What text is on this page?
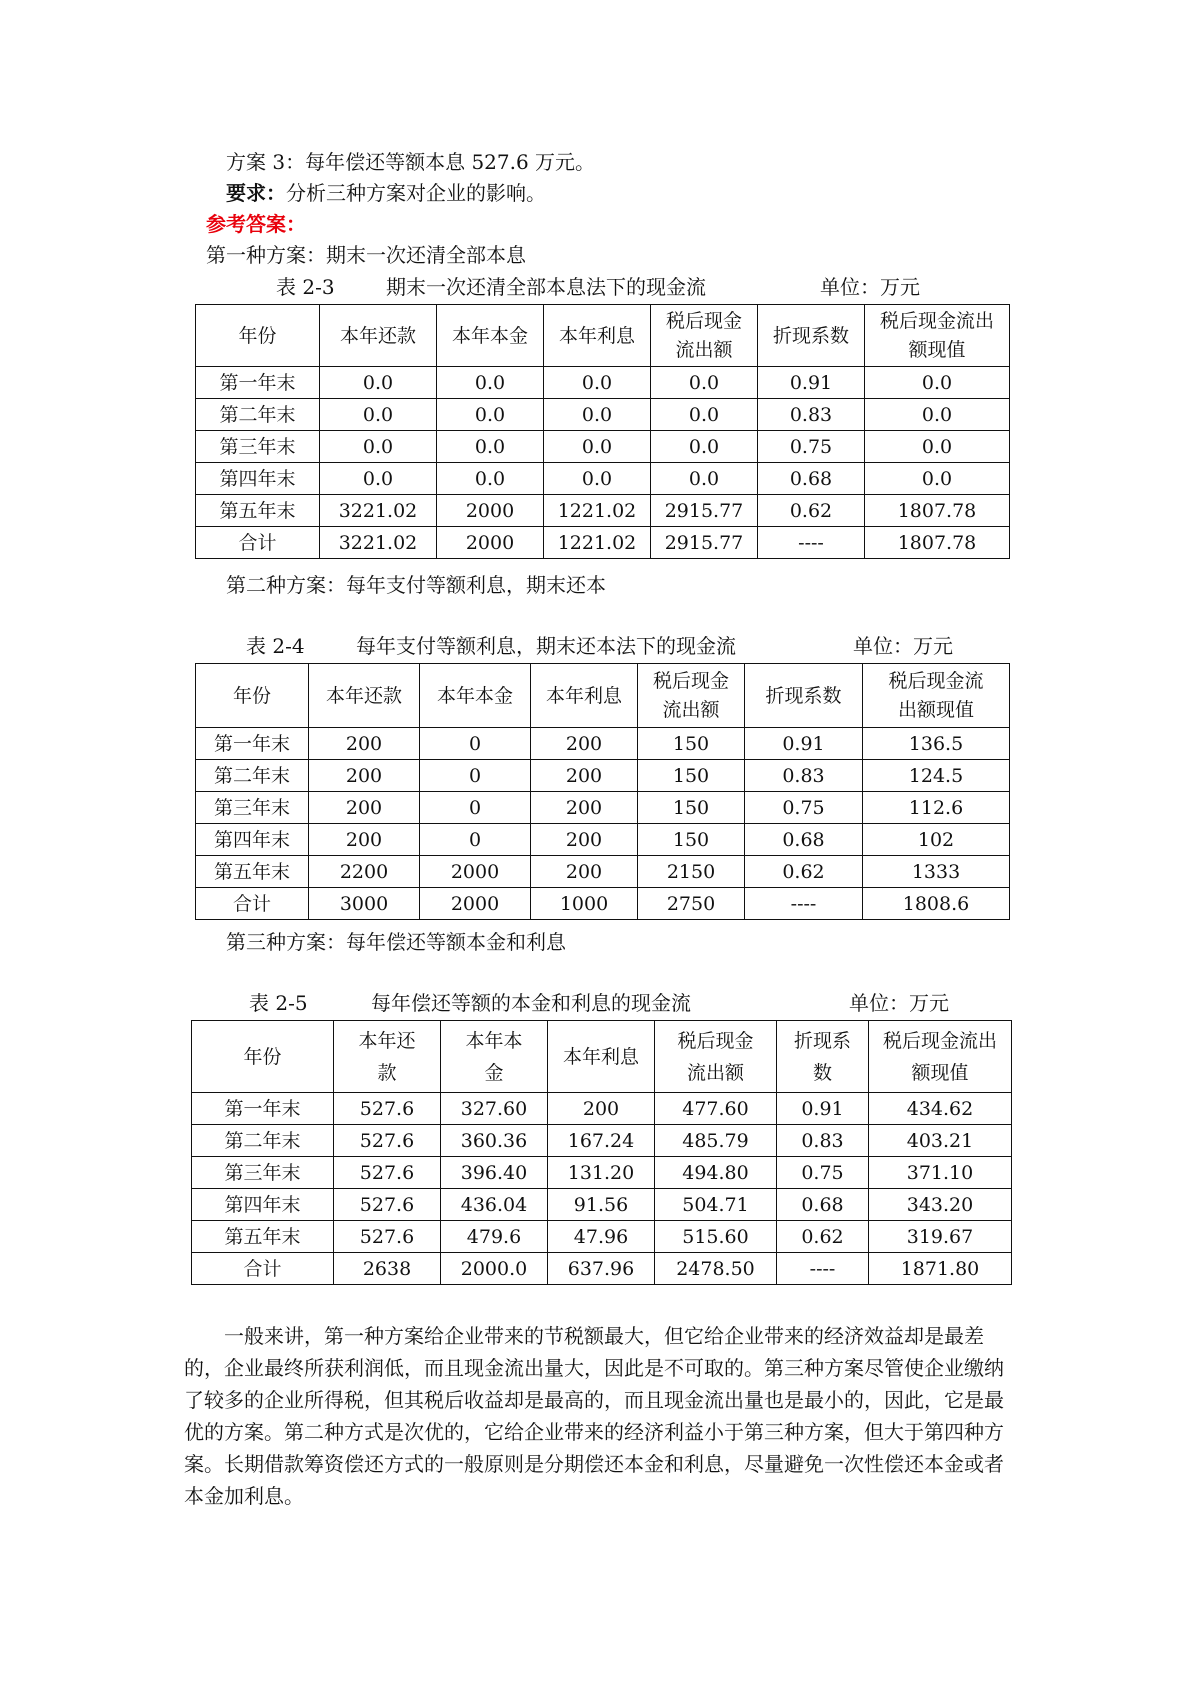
方案 3：每年偿还等额本息 527.6 万元。
要求：分析三种方案对企业的影响。
参考答案：
第一种方案：期末一次还清全部本息
表 2-3	期末一次还清全部本息法下的现金流	单位：万元
年份	本年还款	本年本金	本年利息	税后现金流出额	折现系数	税后现金流出额现值
第一年末	0.0	0.0	0.0	0.0	0.91	0.0
第二年末	0.0	0.0	0.0	0.0	0.83	0.0
第三年末	0.0	0.0	0.0	0.0	0.75	0.0
第四年末	0.0	0.0	0.0	0.0	0.68	0.0
第五年末	3221.02	2000	1221.02	2915.77	0.62	1807.78
合计	3221.02	2000	1221.02	2915.77	----	1807.78
第二种方案：每年支付等额利息，期末还本
表 2-4	每年支付等额利息，期末还本法下的现金流	单位：万元
年份	本年还款	本年本金	本年利息	税后现金流出额	折现系数	税后现金流出额现值
第一年末	200	0	200	150	0.91	136.5
第二年末	200	0	200	150	0.83	124.5
第三年末	200	0	200	150	0.75	112.6
第四年末	200	0	200	150	0.68	102
第五年末	2200	2000	200	2150	0.62	1333
合计	3000	2000	1000	2750	----	1808.6
第三种方案：每年偿还等额本金和利息
表 2-5	每年偿还等额的本金和利息的现金流	单位：万元
年份	本年还款	本年本金	本年利息	税后现金流出额	折现系数	税后现金流出额现值
第一年末	527.6	327.60	200	477.60	0.91	434.62
第二年末	527.6	360.36	167.24	485.79	0.83	403.21
第三年末	527.6	396.40	131.20	494.80	0.75	371.10
第四年末	527.6	436.04	91.56	504.71	0.68	343.20
第五年末	527.6	479.6	47.96	515.60	0.62	319.67
合计	2638	2000.0	637.96	2478.50	----	1871.80

一般来讲，第一种方案给企业带来的节税额最大，但它给企业带来的经济效益却是最差的，企业最终所获利润低，而且现金流出量大，因此是不可取的。第三种方案尽管使企业缴纳了较多的企业所得税，但其税后收益却是最高的，而且现金流出量也是最小的，因此，它是最优的方案。第二种方式是次优的，它给企业带来的经济利益小于第三种方案，但大于第四种方案。长期借款筹资偿还方式的一般原则是分期偿还本金和利息，尽量避免一次性偿还本金或者本金加利息。
